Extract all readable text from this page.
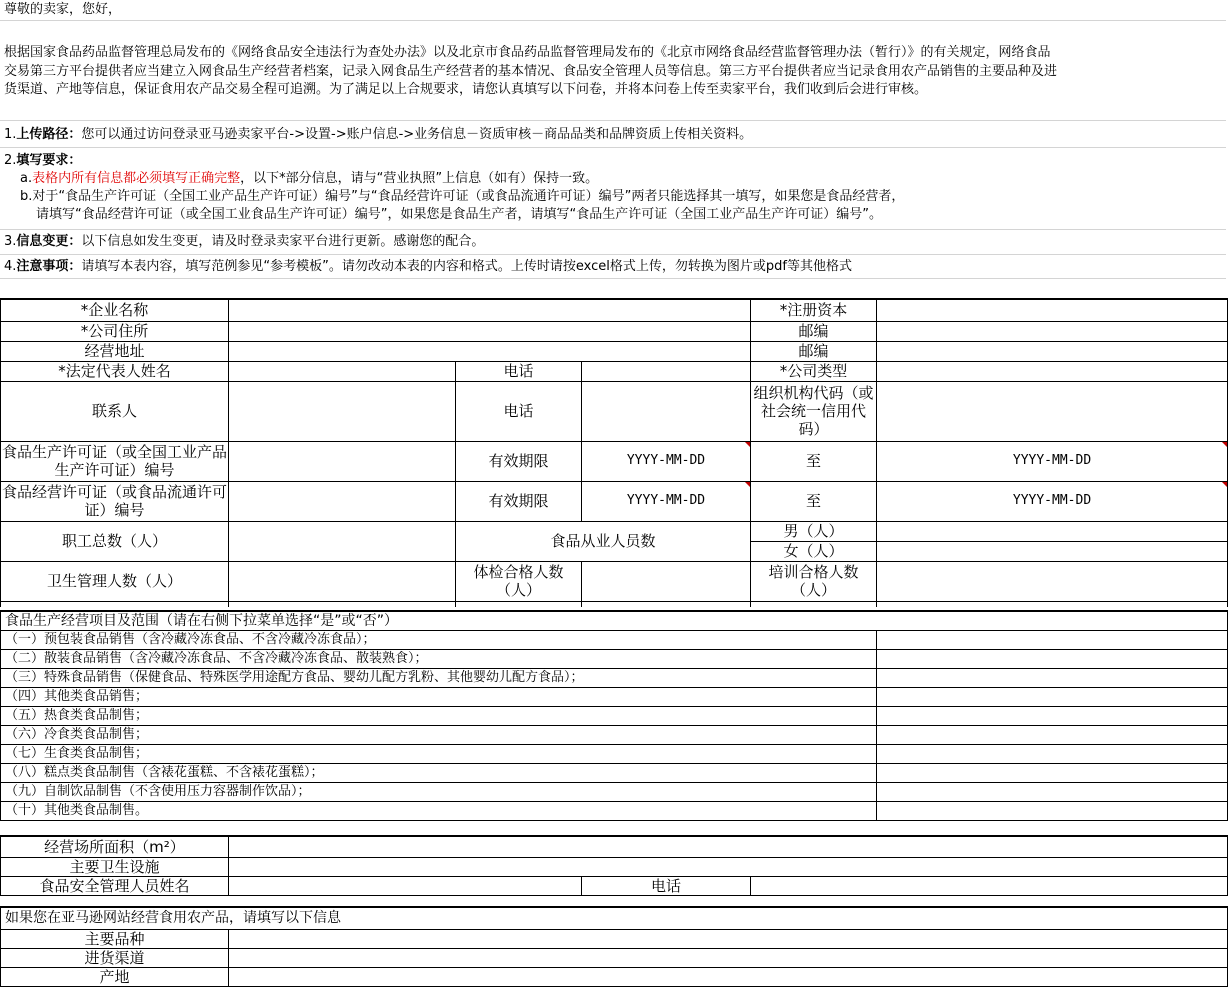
尊敬的卖家，您好，
根据国家食品药品监督管理总局发布的《网络食品安全违法行为查处办法》以及北京市食品药品监督管理局发布的《北京市网络食品经营监督管理办法（暂行）》的有关规定，网络食品
交易第三方平台提供者应当建立入网食品生产经营者档案，记录入网食品生产经营者的基本情况、食品安全管理人员等信息。第三方平台提供者应当记录食用农产品销售的主要品种及进
货渠道、产地等信息，保证食用农产品交易全程可追溯。为了满足以上合规要求，请您认真填写以下问卷，并将本问卷上传至卖家平台，我们收到后会进行审核。
1.上传路径：您可以通过访问登录亚马逊卖家平台->设置->账户信息->业务信息－资质审核－商品品类和品牌资质上传相关资料。
2.填写要求：
a.表格内所有信息都必须填写正确完整，以下*部分信息，请与“营业执照”上信息（如有）保持一致。
b.对于“食品生产许可证（全国工业产品生产许可证）编号”与“食品经营许可证（或食品流通许可证）编号”两者只能选择其一填写，如果您是食品经营者，
请填写“食品经营许可证（或全国工业食品生产许可证）编号”，如果您是食品生产者，请填写“食品生产许可证（全国工业产品生产许可证）编号”。
3.信息变更：以下信息如发生变更，请及时登录卖家平台进行更新。感谢您的配合。
4.注意事项：请填写本表内容，填写范例参见“参考模板”。请勿改动本表的内容和格式。上传时请按excel格式上传，勿转换为图片或pdf等其他格式
*企业名称				*注册资本	
*公司住所				邮编	
经营地址				邮编	
*法定代表人姓名		电话		*公司类型	
联系人		电话		组织机构代码（或社会统一信用代码）	
食品生产许可证（或全国工业产品生产许可证）编号		有效期限	YYYY-MM-DD	至	YYYY-MM-DD
食品经营许可证（或食品流通许可证）编号		有效期限	YYYY-MM-DD	至	YYYY-MM-DD
职工总数（人）		食品从业人员数		男（人）	
				女（人）	
卫生管理人数（人）		体检合格人数（人）		培训合格人数（人）	

食品生产经营项目及范围（请在右侧下拉菜单选择“是”或“否”）	
（一）预包装食品销售（含冷藏冷冻食品、不含冷藏冷冻食品）；	
（二）散装食品销售（含冷藏冷冻食品、不含冷藏冷冻食品、散装熟食）；	
（三）特殊食品销售（保健食品、特殊医学用途配方食品、婴幼儿配方乳粉、其他婴幼儿配方食品）；	
（四）其他类食品销售；	
（五）热食类食品制售；	
（六）冷食类食品制售；	
（七）生食类食品制售；	
（八）糕点类食品制售（含裱花蛋糕、不含裱花蛋糕）；	
（九）自制饮品制售（不含使用压力容器制作饮品）；	
（十）其他类食品制售。	
经营场所面积（m²）			
主要卫生设施			
食品安全管理人员姓名		电话	
如果您在亚马逊网站经营食用农产品，请填写以下信息	
主要品种	
进货渠道	
产地	
